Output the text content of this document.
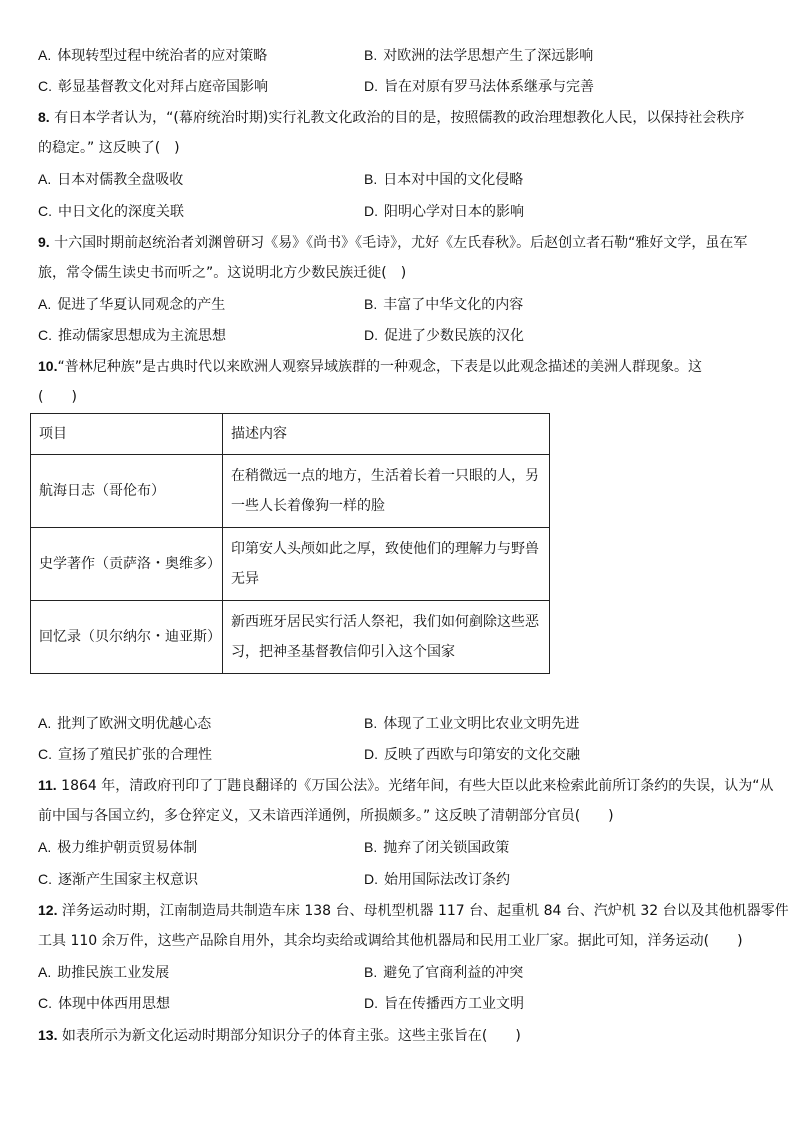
A. 体现转型过程中统治者的应对策略	B. 对欧洲的法学思想产生了深远影响
C. 彰显基督教文化对拜占庭帝国影响	D. 旨在对原有罗马法体系继承与完善
8. 有日本学者认为，“(幕府统治时期)实行礼教文化政治的目的是，按照儒教的政治理想教化人民，以保持社会秩序
的稳定。” 这反映了(　)
A. 日本对儒教全盘吸收	B. 日本对中国的文化侵略
C. 中日文化的深度关联	D. 阳明心学对日本的影响
9. 十六国时期前赵统治者刘渊曾研习《易》《尚书》《毛诗》，尤好《左氏春秋》。后赵创立者石勒“雅好文学，虽在军
旅，常令儒生读史书而听之”。这说明北方少数民族迁徙(　)
A. 促进了华夏认同观念的产生	B. 丰富了中华文化的内容
C. 推动儒家思想成为主流思想	D. 促进了少数民族的汉化
10.“普林尼种族”是古典时代以来欧洲人观察异域族群的一种观念，下表是以此观念描述的美洲人群现象。这
(　　)
项目	描述内容
航海日志（哥伦布）	在稍微远一点的地方，生活着长着一只眼的人，另
一些人长着像狗一样的脸

史学著作（贡萨洛・奥维多）	印第安人头颅如此之厚，致使他们的理解力与野兽
无异

回忆录（贝尔纳尔・迪亚斯）	新西班牙居民实行活人祭祀，我们如何剷除这些恶
习，把神圣基督教信仰引入这个国家
A. 批判了欧洲文明优越心态	B. 体现了工业文明比农业文明先进
C. 宣扬了殖民扩张的合理性	D. 反映了西欧与印第安的文化交融
11. 1864 年，清政府刊印了丁韪良翻译的《万国公法》。光绪年间，有些大臣以此来检索此前所订条约的失误，认为“从
前中国与各国立约，多仓猝定义，又未谙西洋通例，所损颇多。” 这反映了清朝部分官员(　　)
A. 极力维护朝贡贸易体制	B. 抛弃了闭关锁国政策
C. 逐渐产生国家主权意识	D. 始用国际法改订条约
12. 洋务运动时期，江南制造局共制造车床 138 台、母机型机器 117 台、起重机 84 台、汽炉机 32 台以及其他机器零件
工具 110 余万件，这些产品除自用外，其余均卖给或调给其他机器局和民用工业厂家。据此可知，洋务运动(　　)
A. 助推民族工业发展	B. 避免了官商利益的冲突
C. 体现中体西用思想	D. 旨在传播西方工业文明
13. 如表所示为新文化运动时期部分知识分子的体育主张。这些主张旨在(　　)
